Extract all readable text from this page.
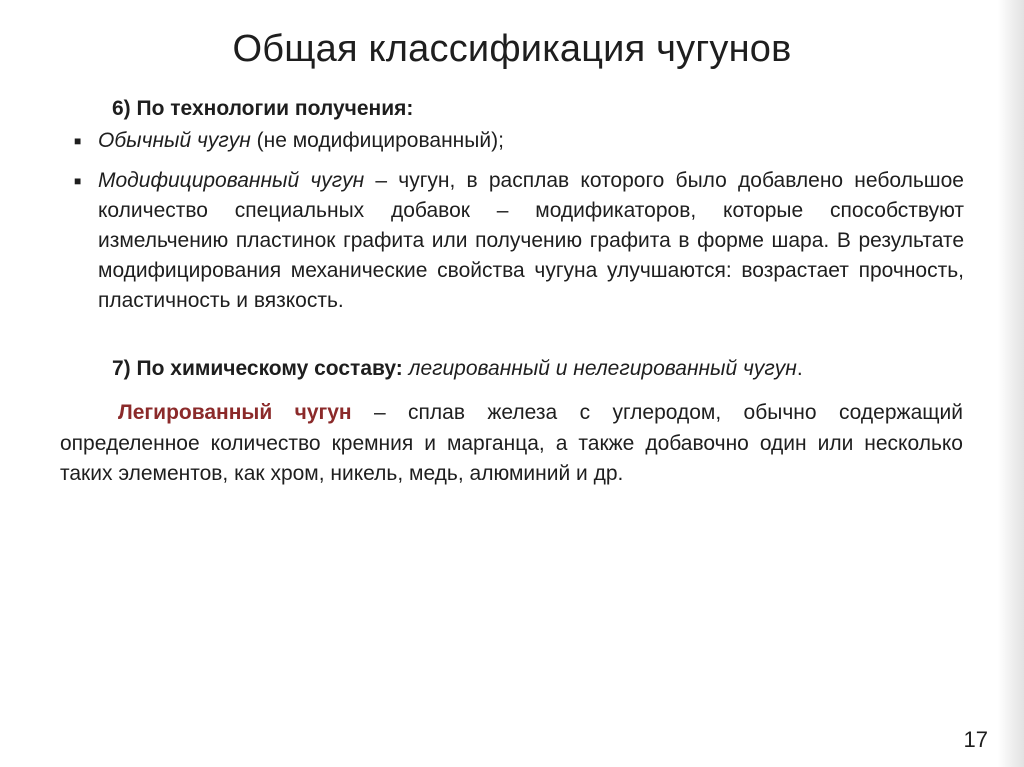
Общая классификация чугунов
6) По технологии получения:
■ Обычный чугун (не модифицированный);
■ Модифицированный чугун – чугун, в расплав которого было добавлено небольшое количество специальных добавок – модификаторов, которые способствуют измельчению пластинок графита или получению графита в форме шара. В результате модифицирования механические свойства чугуна улучшаются: возрастает прочность, пластичность и вязкость.
7) По химическому составу: легированный и нелегированный чугун.
Легированный чугун – сплав железа с углеродом, обычно содержащий определенное количество кремния и марганца, а также добавочно один или несколько таких элементов, как хром, никель, медь, алюминий и др.
17
